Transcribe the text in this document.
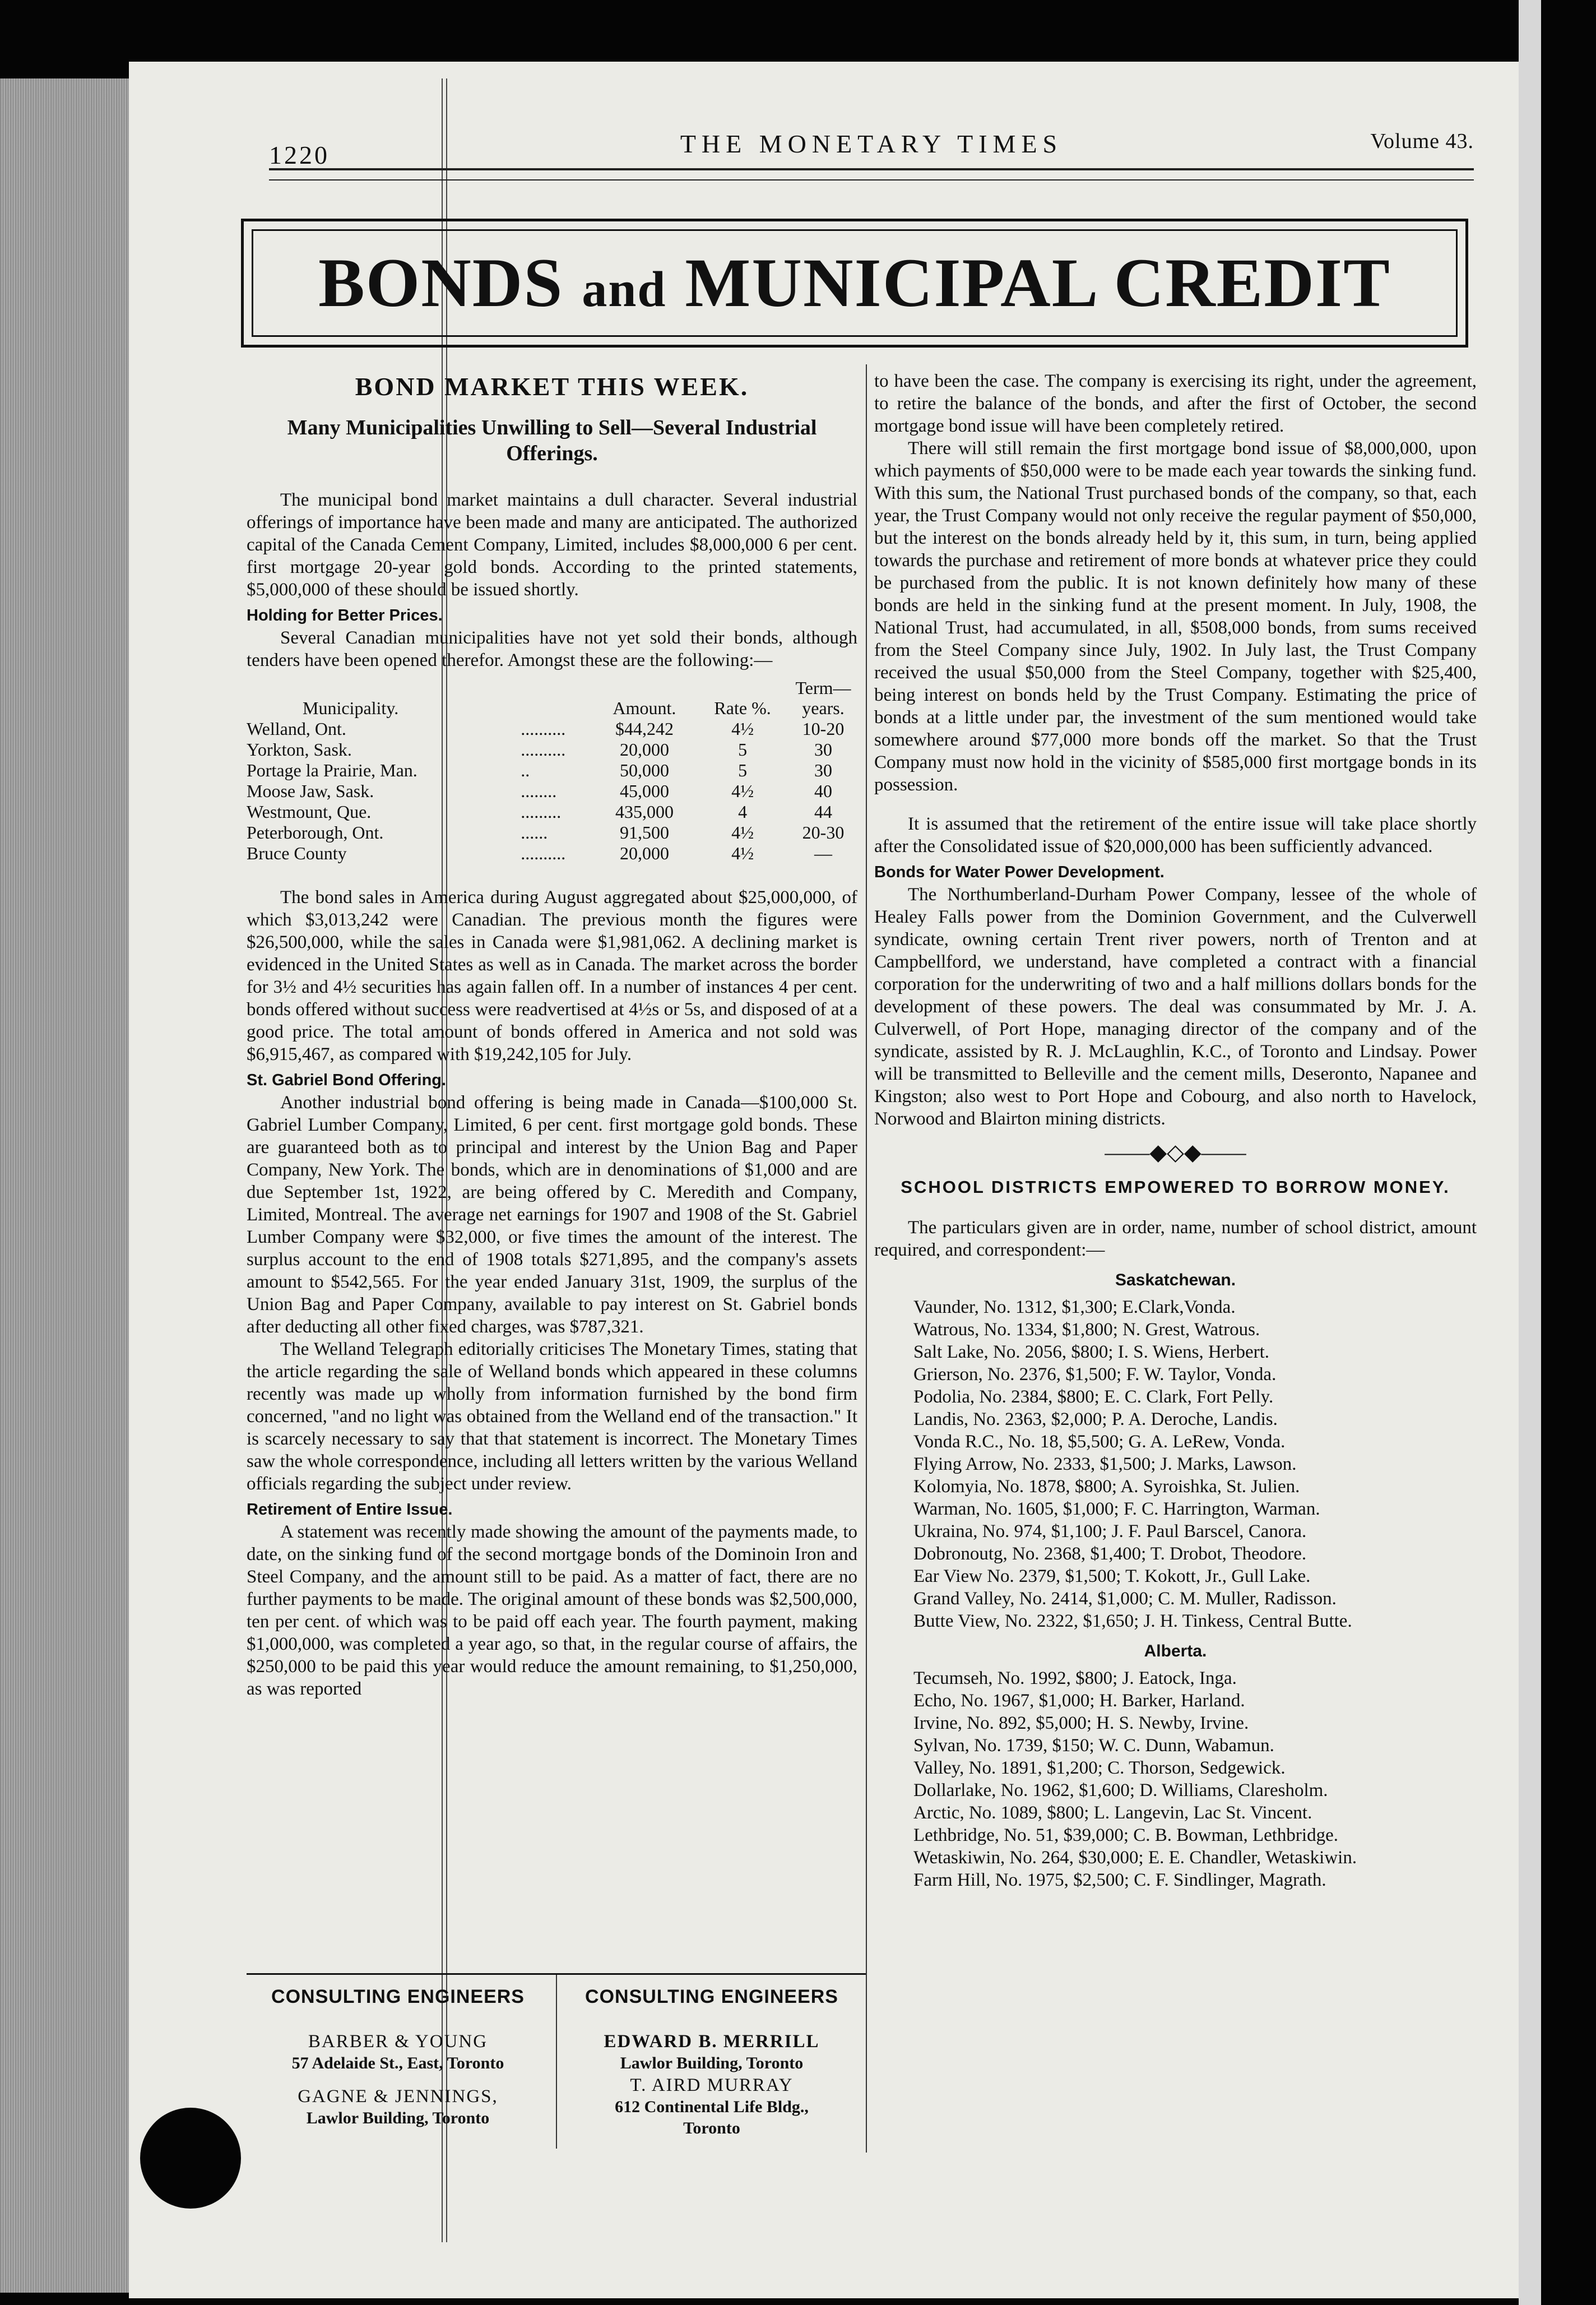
1220	THE MONETARY TIMES	Volume 43.
BONDS and MUNICIPAL CREDIT
BOND MARKET THIS WEEK.
Many Municipalities Unwilling to Sell—Several Industrial Offerings.

The municipal bond market maintains a dull character. Several industrial offerings of importance have been made and many are anticipated. The authorized capital of the Canada Cement Company, Limited, includes $8,000,000 6 per cent. first mortgage 20-year gold bonds. According to the printed statements, $5,000,000 of these should be issued shortly.

Holding for Better Prices.

Several Canadian municipalities have not yet sold their bonds, although tenders have been opened therefor. Amongst these are the following:—

Municipality.		Amount.	Rate %.	Term— years.
Welland, Ont.	..........	$44,242	4½	10-20
Yorkton, Sask.	..........	20,000	5	30
Portage la Prairie, Man.	..	50,000	5	30
Moose Jaw, Sask.	........	45,000	4½	40
Westmount, Que.	.........	435,000	4	44
Peterborough, Ont.	......	91,500	4½	20-30
Bruce County	..........	20,000	4½	—

The bond sales in America during August aggregated about $25,000,000, of which $3,013,242 were Canadian. The previous month the figures were $26,500,000, while the sales in Canada were $1,981,062. A declining market is evidenced in the United States as well as in Canada. The market across the border for 3½ and 4½ securities has again fallen off. In a number of instances 4 per cent. bonds offered without success were readvertised at 4½s or 5s, and disposed of at a good price. The total amount of bonds offered in America and not sold was $6,915,467, as compared with $19,242,105 for July.

St. Gabriel Bond Offering.

Another industrial bond offering is being made in Canada—$100,000 St. Gabriel Lumber Company, Limited, 6 per cent. first mortgage gold bonds. These are guaranteed both as to principal and interest by the Union Bag and Paper Company, New York. The bonds, which are in denominations of $1,000 and are due September 1st, 1922, are being offered by C. Meredith and Company, Limited, Montreal. The average net earnings for 1907 and 1908 of the St. Gabriel Lumber Company were $32,000, or five times the amount of the interest. The surplus account to the end of 1908 totals $271,895, and the company's assets amount to $542,565. For the year ended January 31st, 1909, the surplus of the Union Bag and Paper Company, available to pay interest on St. Gabriel bonds after deducting all other fixed charges, was $787,321.

The Welland Telegraph editorially criticises The Monetary Times, stating that the article regarding the sale of Welland bonds which appeared in these columns recently was made up wholly from information furnished by the bond firm concerned, "and no light was obtained from the Welland end of the transaction." It is scarcely necessary to say that that statement is incorrect. The Monetary Times saw the whole correspondence, including all letters written by the various Welland officials regarding the subject under review.

Retirement of Entire Issue.

A statement was recently made showing the amount of the payments made, to date, on the sinking fund of the second mortgage bonds of the Dominoin Iron and Steel Company, and the amount still to be paid. As a matter of fact, there are no further payments to be made. The original amount of these bonds was $2,500,000, ten per cent. of which was to be paid off each year. The fourth payment, making $1,000,000, was completed a year ago, so that, in the regular course of affairs, the $250,000 to be paid this year would reduce the amount remaining, to $1,250,000, as was reported

to have been the case. The company is exercising its right, under the agreement, to retire the balance of the bonds, and after the first of October, the second mortgage bond issue will have been completely retired.

There will still remain the first mortgage bond issue of $8,000,000, upon which payments of $50,000 were to be made each year towards the sinking fund. With this sum, the National Trust purchased bonds of the company, so that, each year, the Trust Company would not only receive the regular payment of $50,000, but the interest on the bonds already held by it, this sum, in turn, being applied towards the purchase and retirement of more bonds at whatever price they could be purchased from the public. It is not known definitely how many of these bonds are held in the sinking fund at the present moment. In July, 1908, the National Trust, had accumulated, in all, $508,000 bonds, from sums received from the Steel Company since July, 1902. In July last, the Trust Company received the usual $50,000 from the Steel Company, together with $25,400, being interest on bonds held by the Trust Company. Estimating the price of bonds at a little under par, the investment of the sum mentioned would take somewhere around $77,000 more bonds off the market. So that the Trust Company must now hold in the vicinity of $585,000 first mortgage bonds in its possession.

It is assumed that the retirement of the entire issue will take place shortly after the Consolidated issue of $20,000,000 has been sufficiently advanced.

Bonds for Water Power Development.

The Northumberland-Durham Power Company, lessee of the whole of Healey Falls power from the Dominion Government, and the Culverwell syndicate, owning certain Trent river powers, north of Trenton and at Campbellford, we understand, have completed a contract with a financial corporation for the underwriting of two and a half millions dollars bonds for the development of these powers. The deal was consummated by Mr. J. A. Culverwell, of Port Hope, managing director of the company and of the syndicate, assisted by R. J. McLaughlin, K.C., of Toronto and Lindsay. Power will be transmitted to Belleville and the cement mills, Deseronto, Napanee and Kingston; also west to Port Hope and Cobourg, and also north to Havelock, Norwood and Blairton mining districts.

——◆◇◆——
SCHOOL DISTRICTS EMPOWERED TO BORROW MONEY.

The particulars given are in order, name, number of school district, amount required, and correspondent:—

Saskatchewan.
Vaunder, No. 1312, $1,300; E.Clark,Vonda.
Watrous, No. 1334, $1,800; N. Grest, Watrous.
Salt Lake, No. 2056, $800; I. S. Wiens, Herbert.
Grierson, No. 2376, $1,500; F. W. Taylor, Vonda.
Podolia, No. 2384, $800; E. C. Clark, Fort Pelly.
Landis, No. 2363, $2,000; P. A. Deroche, Landis.
Vonda R.C., No. 18, $5,500; G. A. LeRew, Vonda.
Flying Arrow, No. 2333, $1,500; J. Marks, Lawson.
Kolomyia, No. 1878, $800; A. Syroishka, St. Julien.
Warman, No. 1605, $1,000; F. C. Harrington, Warman.
Ukraina, No. 974, $1,100; J. F. Paul Barscel, Canora.
Dobronoutg, No. 2368, $1,400; T. Drobot, Theodore.
Ear View No. 2379, $1,500; T. Kokott, Jr., Gull Lake.
Grand Valley, No. 2414, $1,000; C. M. Muller, Radisson.
Butte View, No. 2322, $1,650; J. H. Tinkess, Central Butte.
Alberta.
Tecumseh, No. 1992, $800; J. Eatock, Inga.
Echo, No. 1967, $1,000; H. Barker, Harland.
Irvine, No. 892, $5,000; H. S. Newby, Irvine.
Sylvan, No. 1739, $150; W. C. Dunn, Wabamun.
Valley, No. 1891, $1,200; C. Thorson, Sedgewick.
Dollarlake, No. 1962, $1,600; D. Williams, Claresholm.
Arctic, No. 1089, $800; L. Langevin, Lac St. Vincent.
Lethbridge, No. 51, $39,000; C. B. Bowman, Lethbridge.
Wetaskiwin, No. 264, $30,000; E. E. Chandler, Wetaskiwin.
Farm Hill, No. 1975, $2,500; C. F. Sindlinger, Magrath.
CONSULTING ENGINEERS
BARBER & YOUNG
57 Adelaide St., East, Toronto
GAGNE & JENNINGS,
Lawlor Building, Toronto
CONSULTING ENGINEERS
EDWARD B. MERRILL
Lawlor Building, Toronto
T. AIRD MURRAY
612 Continental Life Bldg.,
Toronto
